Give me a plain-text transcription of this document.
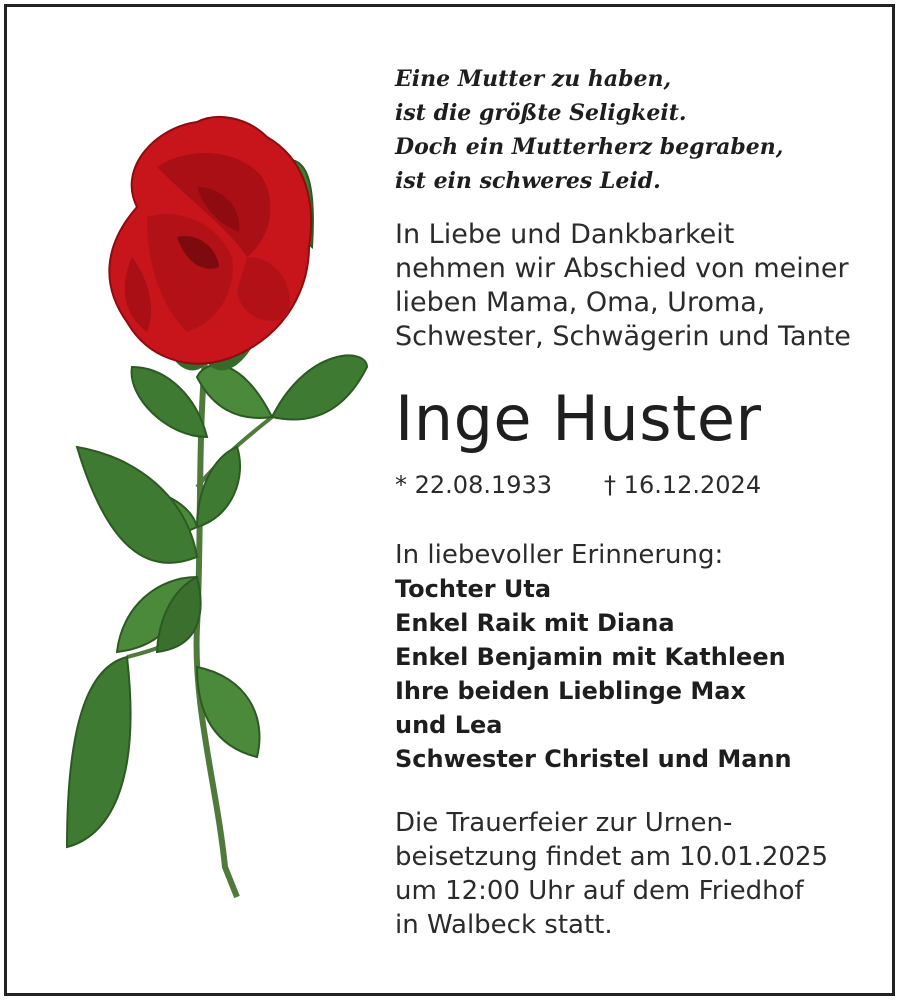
Eine Mutter zu haben,
ist die größte Seligkeit.
Doch ein Mutterherz begraben,
ist ein schweres Leid.
In Liebe und Dankbarkeit
nehmen wir Abschied von meiner
lieben Mama, Oma, Uroma,
Schwester, Schwägerin und Tante
Inge Huster
* 22.08.1933 † 16.12.2024
In liebevoller Erinnerung:
Tochter Uta
Enkel Raik mit Diana
Enkel Benjamin mit Kathleen
Ihre beiden Lieblinge Max
und Lea
Schwester Christel und Mann
Die Trauerfeier zur Urnen-
beisetzung findet am 10.01.2025
um 12:00 Uhr auf dem Friedhof
in Walbeck statt.
